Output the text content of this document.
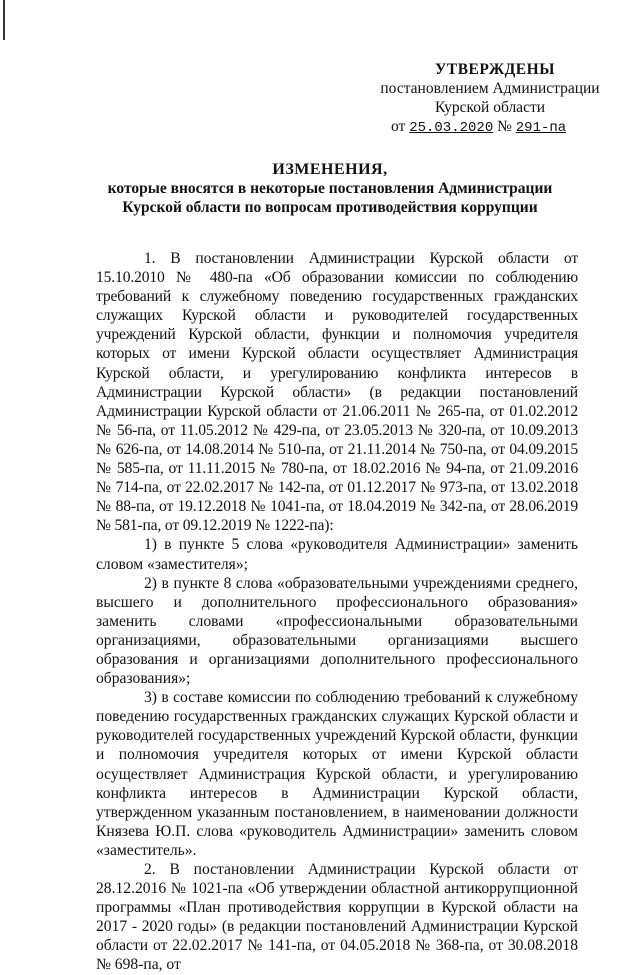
УТВЕРЖДЕНЫ
постановлением Администрации
Курской области
от 25.03.2020 № 291-па
ИЗМЕНЕНИЯ,
которые вносятся в некоторые постановления Администрации
Курской области по вопросам противодействия коррупции

1. В постановлении Администрации Курской области от 15.10.2010 № 480-па «Об образовании комиссии по соблюдению требований к служебному поведению государственных гражданских служащих Курской области и руководителей государственных учреждений Курской области, функции и полномочия учредителя которых от имени Курской области осуществляет Администрация Курской области, и урегулированию конфликта интересов в Администрации Курской области» (в редакции постановлений Администрации Курской области от 21.06.2011 № 265-па, от 01.02.2012 № 56-па, от 11.05.2012 № 429-па, от 23.05.2013 № 320-па, от 10.09.2013 № 626-па, от 14.08.2014 № 510-па, от 21.11.2014 № 750-па, от 04.09.2015 № 585-па, от 11.11.2015 № 780-па, от 18.02.2016 № 94-па, от 21.09.2016 № 714-па, от 22.02.2017 № 142-па, от 01.12.2017 № 973-па, от 13.02.2018 № 88-па, от 19.12.2018 № 1041-па, от 18.04.2019 № 342-па, от 28.06.2019 № 581-па, от 09.12.2019 № 1222-па):

1) в пункте 5 слова «руководителя Администрации» заменить словом «заместителя»;

2) в пункте 8 слова «образовательными учреждениями среднего, высшего и дополнительного профессионального образования» заменить словами «профессиональными образовательными организациями, образовательными организациями высшего образования и организациями дополнительного профессионального образования»;

3) в составе комиссии по соблюдению требований к служебному поведению государственных гражданских служащих Курской области и руководителей государственных учреждений Курской области, функции и полномочия учредителя которых от имени Курской области осуществляет Администрация Курской области, и урегулированию конфликта интересов в Администрации Курской области, утвержденном указанным постановлением, в наименовании должности Князева Ю.П. слова «руководитель Администрации» заменить словом «заместитель».

2. В постановлении Администрации Курской области от 28.12.2016 № 1021-па «Об утверждении областной антикоррупционной программы «План противодействия коррупции в Курской области на 2017 - 2020 годы» (в редакции постановлений Администрации Курской области от 22.02.2017 № 141-па, от 04.05.2018 № 368-па, от 30.08.2018 № 698-па, от
